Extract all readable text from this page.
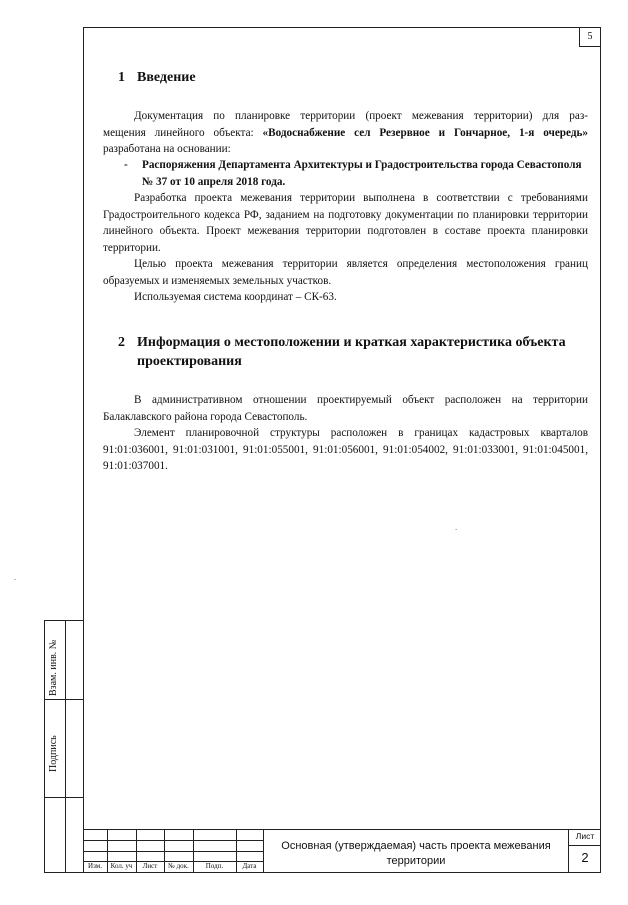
5
1 Введение
Документация по планировке территории (проект межевания территории) для раз-
мещения линейного объекта: «Водоснабжение сел Резервное и Гончарное, 1-я очередь»
разработана на основании:
- Распоряжения Департамента Архитектуры и Градостроительства города Севастополя № 37 от 10 апреля 2018 года.
Разработка проекта межевания территории выполнена в соответствии с требованиями Градостроительного кодекса РФ, заданием на подготовку документации по планировки территории линейного объекта. Проект межевания территории подготовлен в составе проекта планировки территории.
Целью проекта межевания территории является определения местоположения границ образуемых и изменяемых земельных участков.
Используемая система координат – СК-63.
2 Информация о местоположении и краткая характеристика объекта
проектирования
В административном отношении проектируемый объект расположен на территории Балаклавского района города Севастополь.
Элемент планировочной структуры расположен в границах кадастровых кварталов 91:01:036001, 91:01:031001, 91:01:055001, 91:01:056001, 91:01:054002, 91:01:033001, 91:01:045001, 91:01:037001.
Изм.	Кол. уч	Лист	№ док.	Подп.	Дата
Основная (утверждаемая) часть проекта межевания территории
Лист
2
Взам. инв. №
Подпись
.
.
